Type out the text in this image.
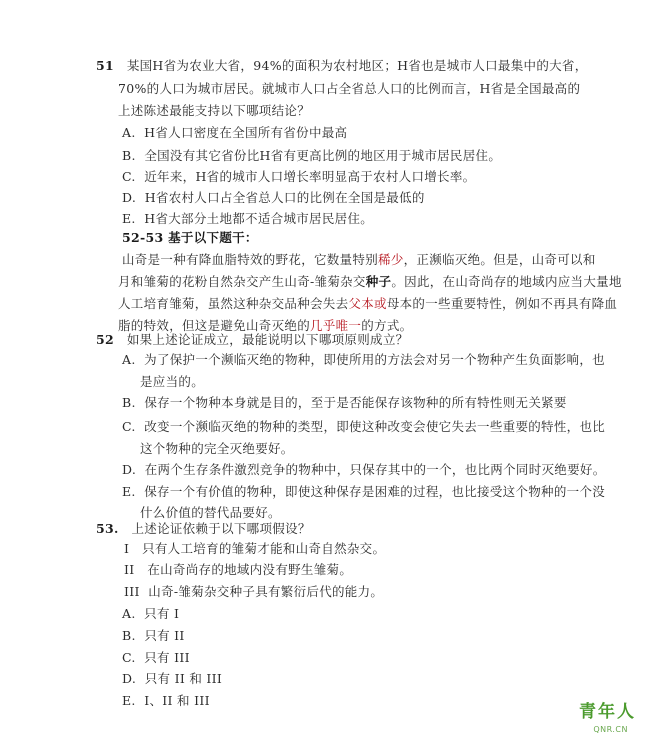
51 某国H省为农业大省，94%的面积为农村地区；H省也是城市人口最集中的大省，
70%的人口为城市居民。就城市人口占全省总人口的比例而言，H省是全国最高的
上述陈述最能支持以下哪项结论？
A. H省人口密度在全国所有省份中最高
B. 全国没有其它省份比H省有更高比例的地区用于城市居民居住。
C. 近年来，H省的城市人口增长率明显高于农村人口增长率。
D. H省农村人口占全省总人口的比例在全国是最低的
E. H省大部分土地都不适合城市居民居住。
52-53 基于以下题干：
山奇是一种有降血脂特效的野花，它数量特别稀少，正濒临灭绝。但是，山奇可以和
月和雏菊的花粉自然杂交产生山奇-雏菊杂交种子。因此，在山奇尚存的地域内应当大量地
人工培育雏菊，虽然这种杂交品种会失去父本或母本的一些重要特性，例如不再具有降血
脂的特效，但这是避免山奇灭绝的几乎唯一的方式。
52 如果上述论证成立，最能说明以下哪项原则成立？
A. 为了保护一个濒临灭绝的物种，即使所用的方法会对另一个物种产生负面影响，也
是应当的。
B. 保存一个物种本身就是目的，至于是否能保存该物种的所有特性则无关紧要
C. 改变一个濒临灭绝的物种的类型，即使这种改变会使它失去一些重要的特性，也比
这个物种的完全灭绝要好。
D. 在两个生存条件激烈竞争的物种中，只保存其中的一个，也比两个同时灭绝要好。
E. 保存一个有价值的物种，即使这种保存是困难的过程，也比接受这个物种的一个没
什么价值的替代品要好。
53. 上述论证依赖于以下哪项假设？
I 只有人工培育的雏菊才能和山奇自然杂交。
II 在山奇尚存的地域内没有野生雏菊。
III 山奇-雏菊杂交种子具有繁衍后代的能力。
A. 只有 I
B. 只有 II
C. 只有 III
D. 只有 II 和 III
E. I、II 和 III
青年人
QNR.CN
